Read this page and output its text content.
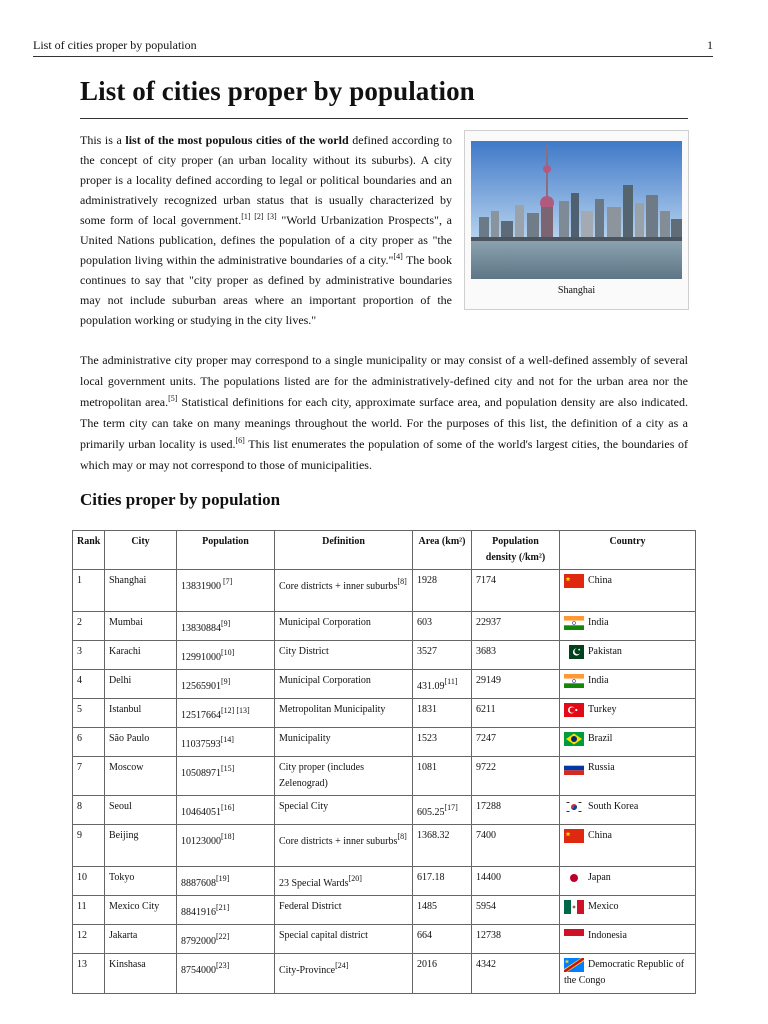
List of cities proper by population	1
List of cities proper by population

This is a list of the most populous cities of the world defined according to the concept of city proper (an urban locality without its suburbs). A city proper is a locality defined according to legal or political boundaries and an administratively recognized urban status that is usually characterized by some form of local government.[1] [2] [3] "World Urbanization Prospects", a United Nations publication, defines the population of a city proper as "the population living within the administrative boundaries of a city."[4] The book continues to say that "city proper as defined by administrative boundaries may not include suburban areas where an important proportion of the population working or studying in the city lives."

Shanghai

The administrative city proper may correspond to a single municipality or may consist of a well-defined assembly of several local government units. The populations listed are for the administratively-defined city and not for the urban area nor the metropolitan area.[5] Statistical definitions for each city, approximate surface area, and population density are also indicated. The term city can take on many meanings throughout the world. For the purposes of this list, the definition of a city as a primarily urban locality is used.[6] This list enumerates the population of some of the world's largest cities, the boundaries of which may or may not correspond to those of municipalities.

Cities proper by population
Rank	City	Population	Definition	Area (km²)	Population density (/km²)	Country
1	Shanghai	13831900 [7]	Core districts + inner suburbs[8]	1928	7174	China
2	Mumbai	13830884[9]	Municipal Corporation	603	22937	India
3	Karachi	12991000[10]	City District	3527	3683	Pakistan
4	Delhi	12565901[9]	Municipal Corporation	431.09[11]	29149	India
5	Istanbul	12517664[12] [13]	Metropolitan Municipality	1831	6211	Turkey
6	São Paulo	11037593[14]	Municipality	1523	7247	Brazil
7	Moscow	10508971[15]	City proper (includes Zelenograd)	1081	9722	Russia
8	Seoul	10464051[16]	Special City	605.25[17]	17288	South Korea
9	Beijing	10123000[18]	Core districts + inner suburbs[8]	1368.32	7400	China
10	Tokyo	8887608[19]	23 Special Wards[20]	617.18	14400	Japan
11	Mexico City	8841916[21]	Federal District	1485	5954	Mexico
12	Jakarta	8792000[22]	Special capital district	664	12738	Indonesia
13	Kinshasa	8754000[23]	City-Province[24]	2016	4342	Democratic Republic of the Congo
